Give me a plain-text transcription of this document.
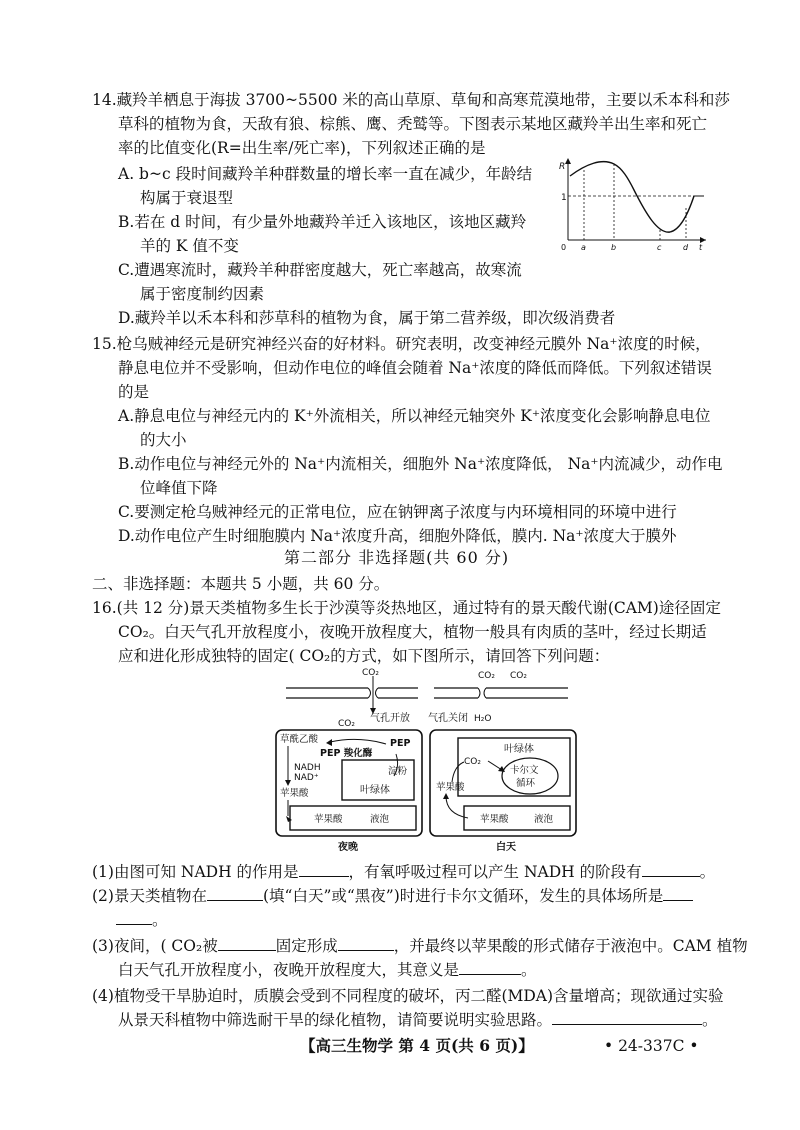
14.藏羚羊栖息于海拔 3700~5500 米的高山草原、草甸和高寒荒漠地带，主要以禾本科和莎
草科的植物为食，天敌有狼、棕熊、鹰、秃鹫等。下图表示某地区藏羚羊出生率和死亡
率的比值变化(R=出生率/死亡率)，下列叙述正确的是
A. b~c 段时间藏羚羊种群数量的增长率一直在减少，年龄结
构属于衰退型
B.若在 d 时间，有少量外地藏羚羊迁入该地区，该地区藏羚
羊的 K 值不变
C.遭遇寒流时，藏羚羊种群密度越大，死亡率越高，故寒流
属于密度制约因素
D.藏羚羊以禾本科和莎草科的植物为食，属于第二营养级，即次级消费者
R
1
0 a	b	c	d t
15.枪乌贼神经元是研究神经兴奋的好材料。研究表明，改变神经元膜外 Na⁺浓度的时候，
静息电位并不受影响，但动作电位的峰值会随着 Na⁺浓度的降低而降低。下列叙述错误
的是
A.静息电位与神经元内的 K⁺外流相关，所以神经元轴突外 K⁺浓度变化会影响静息电位
的大小
B.动作电位与神经元外的 Na⁺内流相关，细胞外 Na⁺浓度降低， Na⁺内流减少，动作电
位峰值下降
C.要测定枪乌贼神经元的正常电位，应在钠钾离子浓度与内环境相同的环境中进行
D.动作电位产生时细胞膜内 Na⁺浓度升高，细胞外降低，膜内. Na⁺浓度大于膜外
第二部分 非选择题(共 60 分)
二、非选择题：本题共 5 小题，共 60 分。
16.(共 12 分)景天类植物多生长于沙漠等炎热地区，通过特有的景天酸代谢(CAM)途径固定
CO₂。白天气孔开放程度小，夜晚开放程度大，植物一般具有肉质的茎叶，经过长期适
应和进化形成独特的固定( CO₂的方式，如下图所示，请回答下列问题：
CO₂
CO₂ 气孔开放
CO₂ CO₂
气孔关闭 H₂O
草酰乙酸	PEP
PEP 羧化酶
NADH
NAD⁺
淀粉
叶绿体
苹果酸
苹果酸	液泡
夜晚
叶绿体
CO₂
卡尔文
循环
苹果酸
苹果酸	液泡
白天
(1)由图可知 NADH 的作用是	，有氧呼吸过程可以产生 NADH 的阶段有	。
(2)景天类植物在	(填“白天”或“黑夜”)时进行卡尔文循环，发生的具体场所是
。
(3)夜间，( CO₂被	固定形成	，并最终以苹果酸的形式储存于液泡中。CAM 植物
白天气孔开放程度小，夜晚开放程度大，其意义是	。
(4)植物受干旱胁迫时，质膜会受到不同程度的破坏，丙二醛(MDA)含量增高；现欲通过实验
从景天科植物中筛选耐干旱的绿化植物，请简要说明实验思路。	。
【高三生物学 第 4 页(共 6 页)】	• 24-337C •
